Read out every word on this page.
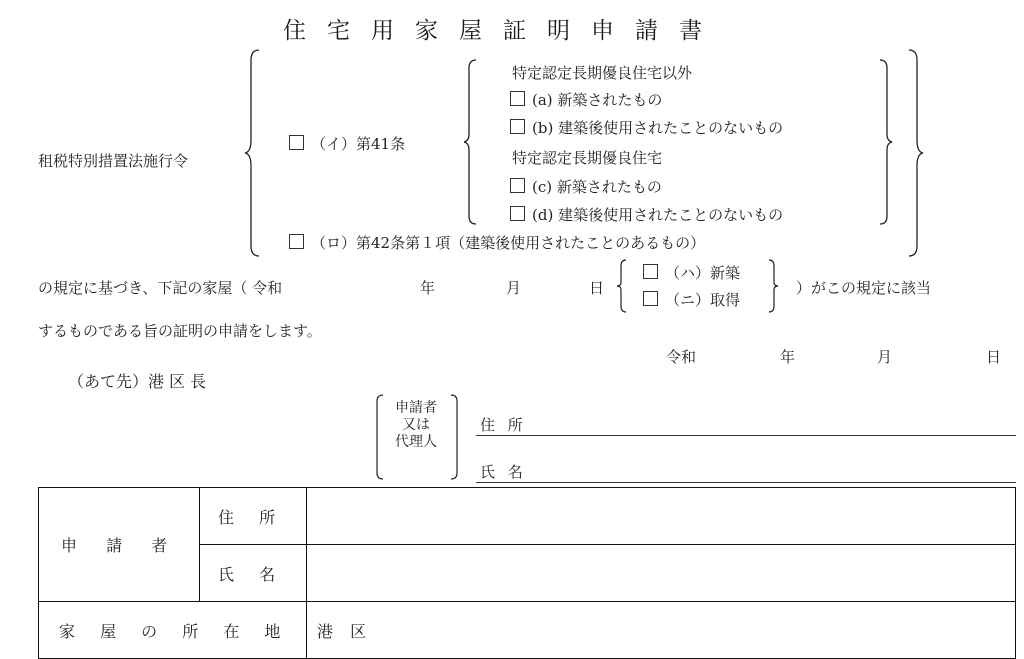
住宅用家屋証明申請書
租税特別措置法施行令
（イ）第41条
特定認定長期優良住宅以外
(a) 新築されたもの
(b) 建築後使用されたことのないもの
特定認定長期優良住宅
(c) 新築されたもの
(d) 建築後使用されたことのないもの
（ロ）第42条第１項（建築後使用されたことのあるもの）
の規定に基づき、下記の家屋（ 令和	年	月	日
（ハ）新築
（ニ）取得
）がこの規定に該当
するものである旨の証明の申請をします。
令和	年	月	日
（あて先）港 区 長
申請者
又は
代理人
住 所
氏 名
申 請 者	住 所	
	氏 名	
家 屋 の 所 在 地		港 区
